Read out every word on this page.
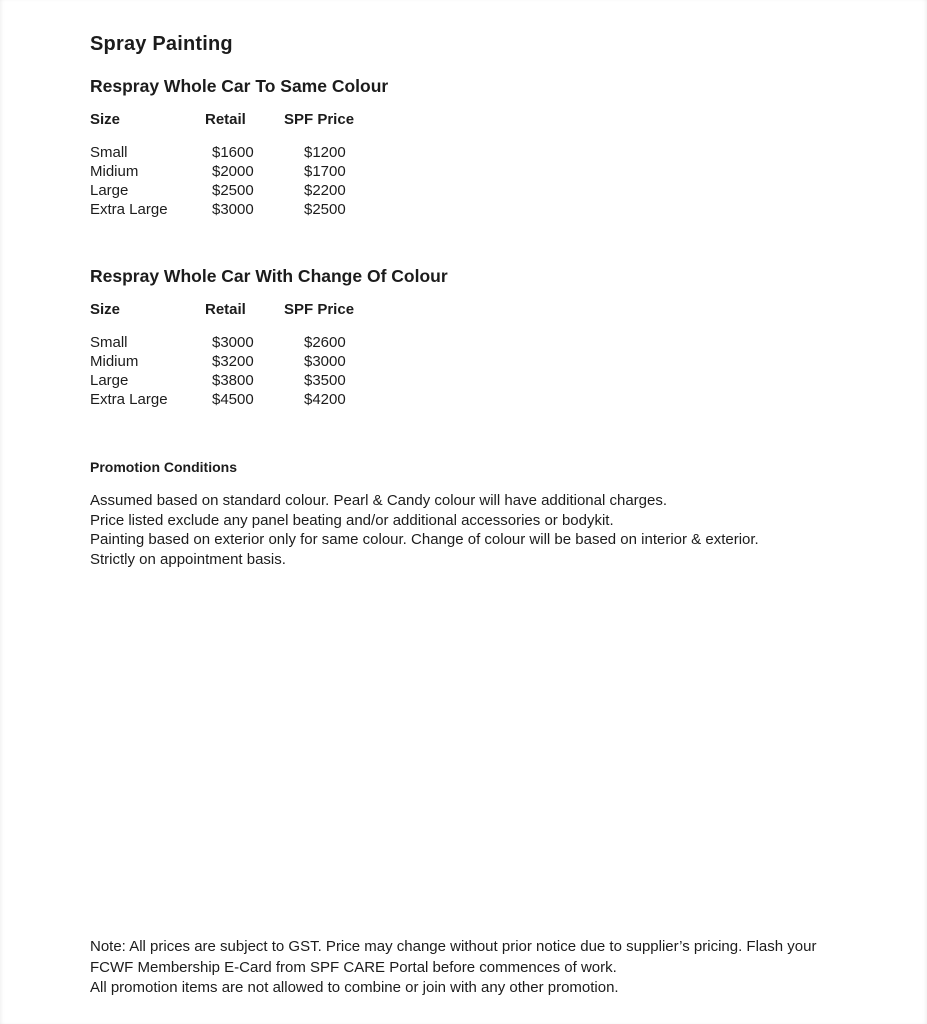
Spray Painting
Respray Whole Car To Same Colour
Size	Retail	SPF Price
Small	$1600	$1200
Midium	$2000	$1700
Large	$2500	$2200
Extra Large	$3000	$2500
Respray Whole Car With Change Of Colour
Size	Retail	SPF Price
Small	$3000	$2600
Midium	$3200	$3000
Large	$3800	$3500
Extra Large	$4500	$4200
Promotion Conditions
Assumed based on standard colour. Pearl & Candy colour will have additional charges.
Price listed exclude any panel beating and/or additional accessories or bodykit.
Painting based on exterior only for same colour. Change of colour will be based on interior & exterior.
Strictly on appointment basis.
Note: All prices are subject to GST. Price may change without prior notice due to supplier’s pricing. Flash your
FCWF Membership E-Card from SPF CARE Portal before commences of work.
All promotion items are not allowed to combine or join with any other promotion.
